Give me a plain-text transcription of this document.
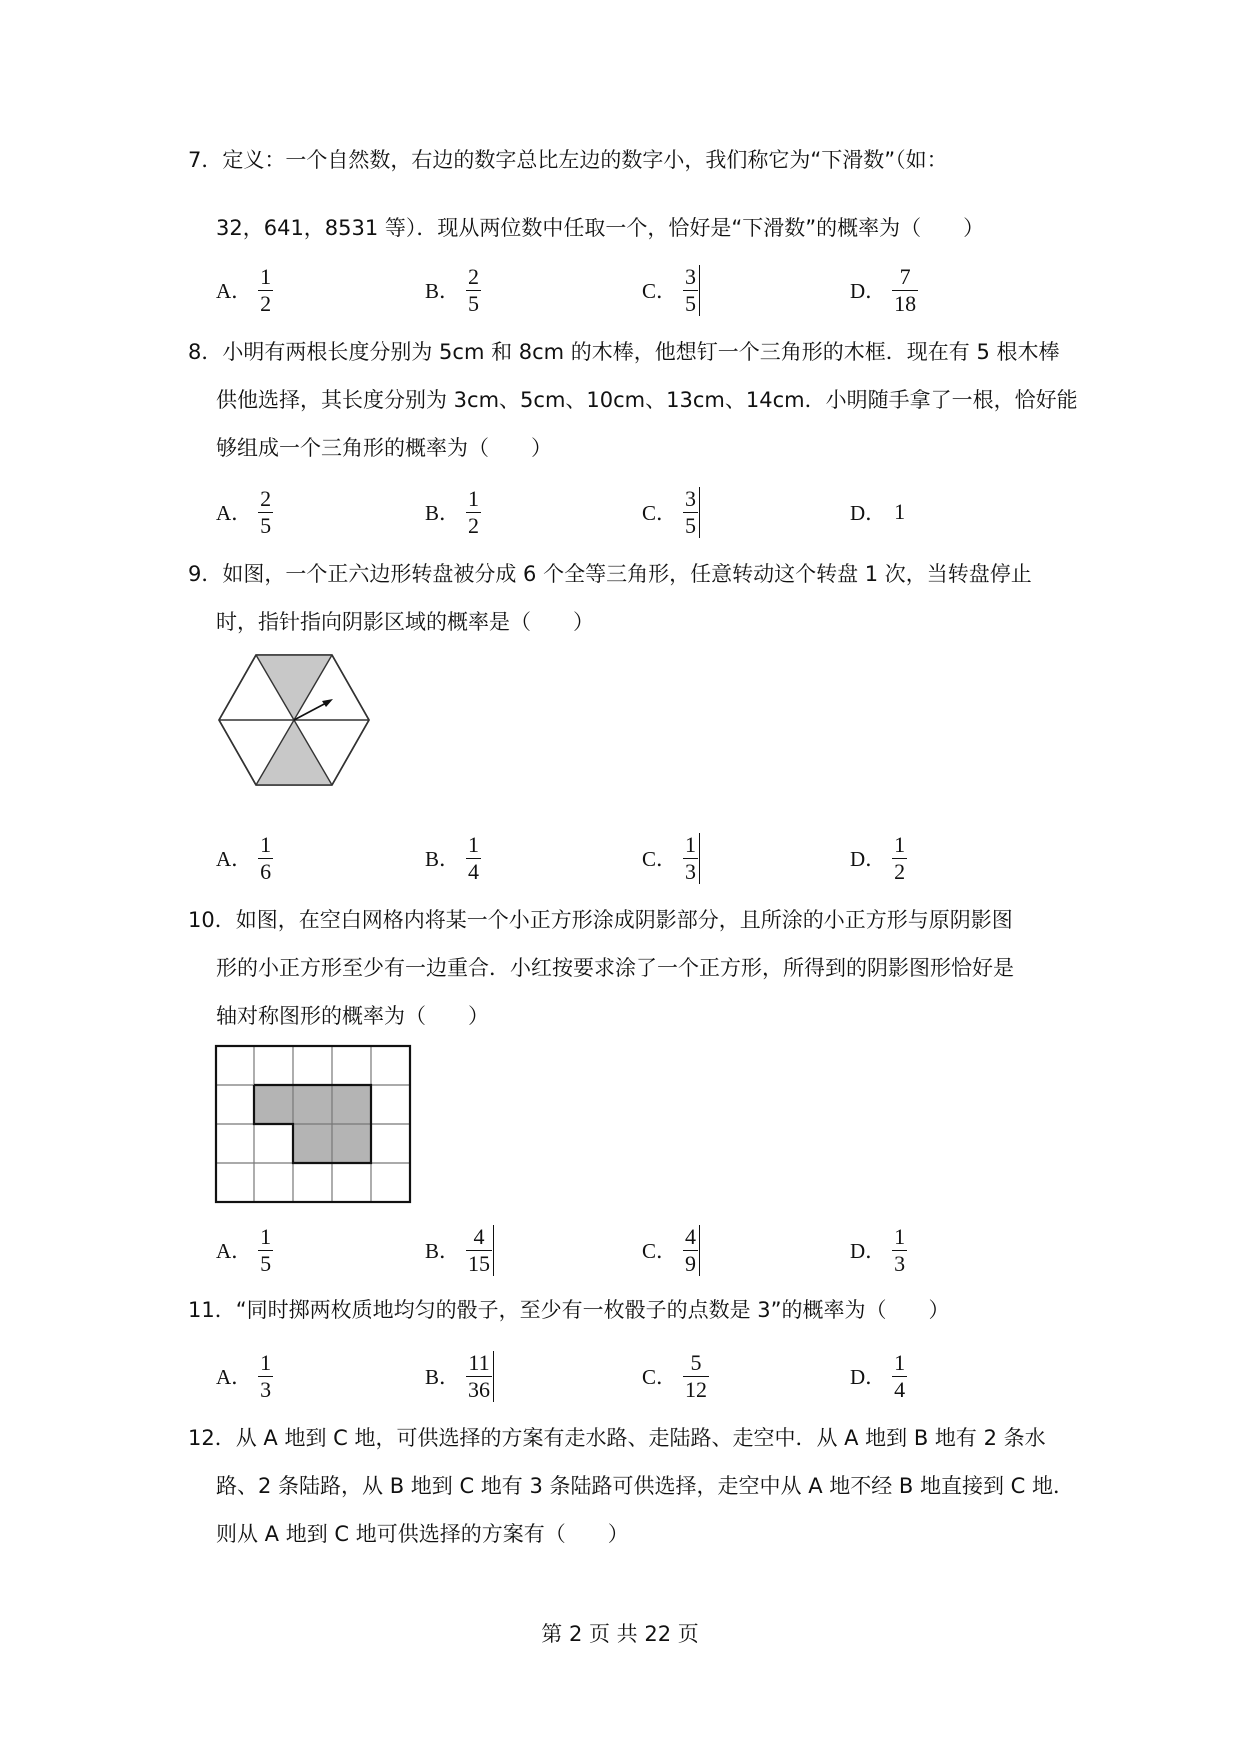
7．定义：一个自然数，右边的数字总比左边的数字小，我们称它为“下滑数”（如：
32，641，8531 等）．现从两位数中任取一个，恰好是“下滑数”的概率为（　　）
A． $\frac{1}{2}$	B． $\frac{2}{5}$	C． $\frac{3}{5}$	D． $\frac{7}{18}$
8．小明有两根长度分别为 5cm 和 8cm 的木棒，他想钉一个三角形的木框．现在有 5 根木棒
供他选择，其长度分别为 3cm、5cm、10cm、13cm、14cm．小明随手拿了一根，恰好能
够组成一个三角形的概率为（　　）
A． $\frac{2}{5}$	B． $\frac{1}{2}$	C． $\frac{3}{5}$	D． 1
9．如图，一个正六边形转盘被分成 6 个全等三角形，任意转动这个转盘 1 次，当转盘停止
时，指针指向阴影区域的概率是（　　）
A． $\frac{1}{6}$	B． $\frac{1}{4}$	C． $\frac{1}{3}$	D． $\frac{1}{2}$
10．如图，在空白网格内将某一个小正方形涂成阴影部分，且所涂的小正方形与原阴影图
形的小正方形至少有一边重合．小红按要求涂了一个正方形，所得到的阴影图形恰好是
轴对称图形的概率为（　　）
A． $\frac{1}{5}$	B． $\frac{4}{15}$	C． $\frac{4}{9}$	D． $\frac{1}{3}$
11．“同时掷两枚质地均匀的骰子，至少有一枚骰子的点数是 3”的概率为（　　）
A． $\frac{1}{3}$	B． $\frac{11}{36}$	C． $\frac{5}{12}$	D． $\frac{1}{4}$
12．从 A 地到 C 地，可供选择的方案有走水路、走陆路、走空中．从 A 地到 B 地有 2 条水
路、2 条陆路，从 B 地到 C 地有 3 条陆路可供选择，走空中从 A 地不经 B 地直接到 C 地．
则从 A 地到 C 地可供选择的方案有（　　）
第 2 页 共 22 页
